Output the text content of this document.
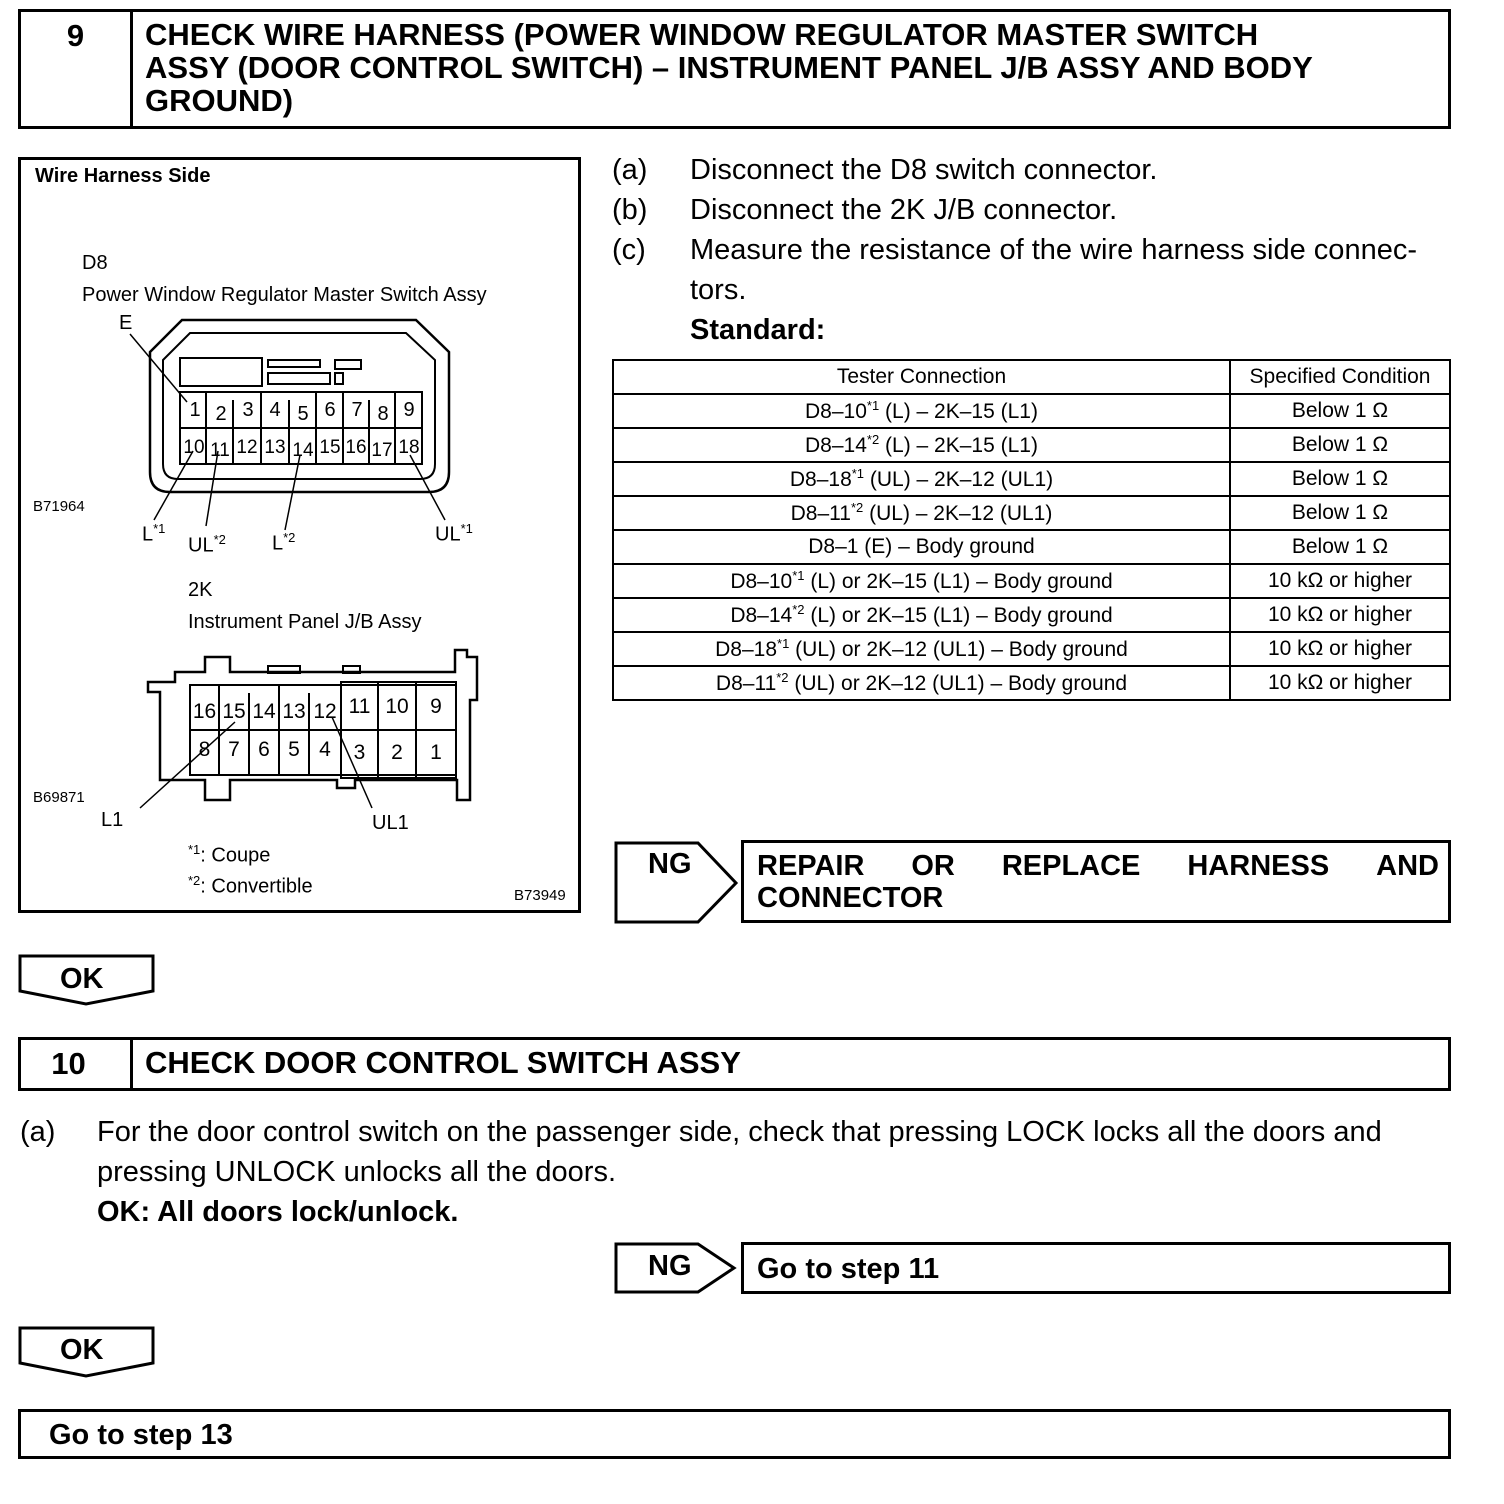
9	CHECK WIRE HARNESS (POWER WINDOW REGULATOR MASTER SWITCH
ASSY (DOOR CONTROL SWITCH) – INSTRUMENT PANEL J/B ASSY AND BODY
GROUND)
Wire Harness Side
D8
Power Window Regulator Master Switch Assy
E
1 2 3 4 5 6 7 8 9
10 11 12 13 14 15 16 17 18
B71964
$L^{*1}$
UL$^{*2}$ $L^{*2}$	UL$^{*1}$
2K
Instrument Panel J/B Assy
16 15 14 13 12 11 10	9
8 7 6 5 4	3	2	1
B69871
L1	UL1
$^{*1}$: Coupe
$^{*2}$: Convertible	B73949
(a) Disconnect the D8 switch connector.
(b) Disconnect the 2K J/B connector.
(c) Measure the resistance of the wire harness side connec-
tors.
Standard:
Tester Connection	Specified Condition
D8–10$^{*1}$ (L) – 2K–15 (L1)	Below 1 Ω
D8–14$^{*2}$ (L) – 2K–15 (L1)	Below 1 Ω
D8–18$^{*1}$ (UL) – 2K–12 (UL1)	Below 1 Ω
D8–11$^{*2}$ (UL) – 2K–12 (UL1)	Below 1 Ω
D8–1 (E) – Body ground	Below 1 Ω
D8–10$^{*1}$ (L) or 2K–15 (L1) – Body ground	10 kΩ or higher
D8–14$^{*2}$ (L) or 2K–15 (L1) – Body ground	10 kΩ or higher
D8–18$^{*1}$ (UL) or 2K–12 (UL1) – Body ground	10 kΩ or higher
D8–11$^{*2}$ (UL) or 2K–12 (UL1) – Body ground	10 kΩ or higher
NG REPAIR OR REPLACE HARNESS AND
CONNECTOR
OK
10	CHECK DOOR CONTROL SWITCH ASSY
(a) For the door control switch on the passenger side, check that pressing LOCK locks all the doors and
pressing UNLOCK unlocks all the doors.
OK: All doors lock/unlock.
NG Go to step 11
OK
Go to step 13
